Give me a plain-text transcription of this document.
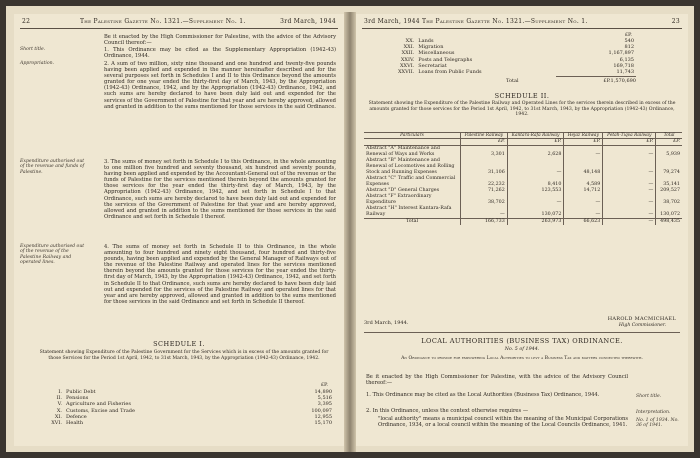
22	The Palestine Gazette No. 1321.—Supplement No. 1.	3rd March, 1944
Be it enacted by the High Commissioner for Palestine, with the advice of the Advisory Council thereof:—
Short title.	1. This Ordinance may be cited as the Supplementary Appropriation (1942-43) Ordinance, 1944.
Appropriation.	2. A sum of two million, sixty nine thousand and one hundred and twenty-five pounds having been applied and expended in the manner hereinafter described and for the several purposes set forth in Schedules I and II to this Ordinance beyond the amounts granted for one year ended the thirty-first day of March, 1943, by the Appropriation (1942-43) Ordinance, 1942, and by the Appropriation (1942-43) Ordinance, 1942, and such sums are hereby declared to have been duly laid out and expended for the services of the Government of Palestine for that year and are hereby approved, allowed and granted in addition to the sums mentioned for those services in the said Ordinance.
Expenditure authorised out of the revenue and funds of Palestine.
3. The sums of money set forth in Schedule I to this Ordinance, in the whole amounting to one million five hundred and seventy thousand, six hundred and seventy pounds, having been applied and expended by the Accountant-General out of the revenue or the funds of Palestine for the services mentioned therein beyond the amounts granted for those services for the year ended the thirty-first day of March, 1943, by the Appropriation (1942-43) Ordinance, 1942, and set forth in Schedule I to that Ordinance, such sums are hereby declared to have been duly laid out and expended for the services of the Government of Palestine for that year and are hereby approved, allowed and granted in addition to the sums mentioned for those services in the said Ordinance and set forth in Schedule I thereof.
Expenditure authorised out of the revenue of the Palestine Railway and operated lines.
4. The sums of money set forth in Schedule II to this Ordinance, in the whole amounting to four hundred and ninety eight thousand, four hundred and thirty-five pounds, having been applied and expended by the General Manager of Railways out of the revenue of the Palestine Railway and operated lines for the services mentioned therein beyond the amounts granted for those services for the year ended the thirty-first day of March, 1943, by the Appropriation (1942-43) Ordinance, 1942, and set forth in Schedule II to that Ordinance, such sums are hereby declared to have been duly laid out and expended for the services of the Palestine Railway and operated lines for that year and are hereby approved, allowed and granted in addition to the sums mentioned for those services in the said Ordinance and set forth in Schedule II thereof.
SCHEDULE I.
Statement showing Expenditure of the Palestine Government for the Services which is in excess of the amounts granted for those Services for the Period 1st April, 1942, to 31st March, 1943, by the Appropriation (1942-43) Ordinance, 1942.
£P.
I.	Public Debt	14,890
II.	Pensions	5,516
V.	Agriculture and Fisheries	3,395
X.	Customs, Excise and Trade	100,097
XI.	Defence	12,955
XVI.	Health	15,170
3rd March, 1944 The Palestine Gazette No. 1321.—Supplement No. 1.	23
£P.
XX.	Lands	540
XXI.	Migration	812
XXII.	Miscellaneous	1,167,897
XXIV.	Posts and Telegraphs	6,135
XXVI.	Secretariat	169,718
XXVII.	Loans from Public Funds	11,743
Total	£P.1,570,690
SCHEDULE II.
Statement showing the Expenditure of the Palestine Railway and Operated Lines for the services therein described in excess of the amounts granted for those services for the Period 1st April, 1942, to 31st March, 1943, by the Appropriation (1942-43) Ordinance, 1942.
Particulars	Palestine Railway	Kantara-Rafa Railway	Hejaz Railway	Petah-Tiqva Railway	Total
	£P.	£P.	£P.	£P.	£P.
Abstract "A" Maintenance and Renewal of Ways and Works	3,301	2,628	—	—	5,939
Abstract "B" Maintenance and Renewal of Locomotives and Rolling Stock and Running Expenses	31,106	—	48,148	—	79,274
Abstract "C" Traffic and Commercial Expenses	22,232	8,410	4,589	—	35,141
Abstract "D" General Charges	71,262	123,553	14,712	—	209,527
Abstract "F" Extraordinary Expenditure	38,702	—	—	—	38,702
Abstract "H" Interest Kantara-Rafa Railway	—	130,072	—	—	130,072
Total	166,733	263,973	66,623	—	498,435
3rd March, 1944.
HAROLD MACMICHAEL
High Commissioner.
LOCAL AUTHORITIES (BUSINESS TAX) ORDINANCE.
No. 5 of 1944.
An Ordinance to provide for empowering Local Authorities to levy a Business Tax and matters connected therewith.
Be it enacted by the High Commissioner for Palestine, with the advice of the Advisory Council thereof:—
1. This Ordinance may be cited as the Local Authorities (Business Tax) Ordinance, 1944.	Short title.
2. In this Ordinance, unless the context otherwise requires —	Interpretation.
"local authority" means a municipal council within the meaning of the Municipal Corporations Ordinance, 1934, or a local council within the meaning of the Local Councils Ordinance, 1941.
No. 1 of 1934. No. 36 of 1941.
